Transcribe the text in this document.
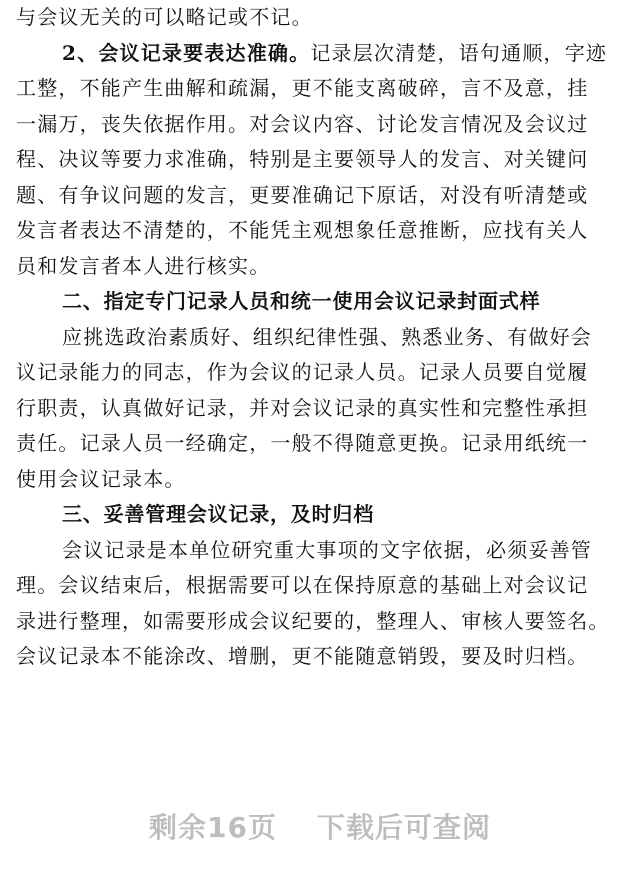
与会议无关的可以略记或不记。
2、会议记录要表达准确。记录层次清楚，语句通顺，字迹
工整，不能产生曲解和疏漏，更不能支离破碎，言不及意，挂
一漏万，丧失依据作用。对会议内容、讨论发言情况及会议过
程、决议等要力求准确，特别是主要领导人的发言、对关键问
题、有争议问题的发言，更要准确记下原话，对没有听清楚或
发言者表达不清楚的，不能凭主观想象任意推断，应找有关人
员和发言者本人进行核实。
二、指定专门记录人员和统一使用会议记录封面式样
应挑选政治素质好、组织纪律性强、熟悉业务、有做好会
议记录能力的同志，作为会议的记录人员。记录人员要自觉履
行职责，认真做好记录，并对会议记录的真实性和完整性承担
责任。记录人员一经确定，一般不得随意更换。记录用纸统一
使用会议记录本。
三、妥善管理会议记录，及时归档
会议记录是本单位研究重大事项的文字依据，必须妥善管
理。会议结束后，根据需要可以在保持原意的基础上对会议记
录进行整理，如需要形成会议纪要的，整理人、审核人要签名。
会议记录本不能涂改、增删，更不能随意销毁，要及时归档。
剩余16页 下载后可查阅
